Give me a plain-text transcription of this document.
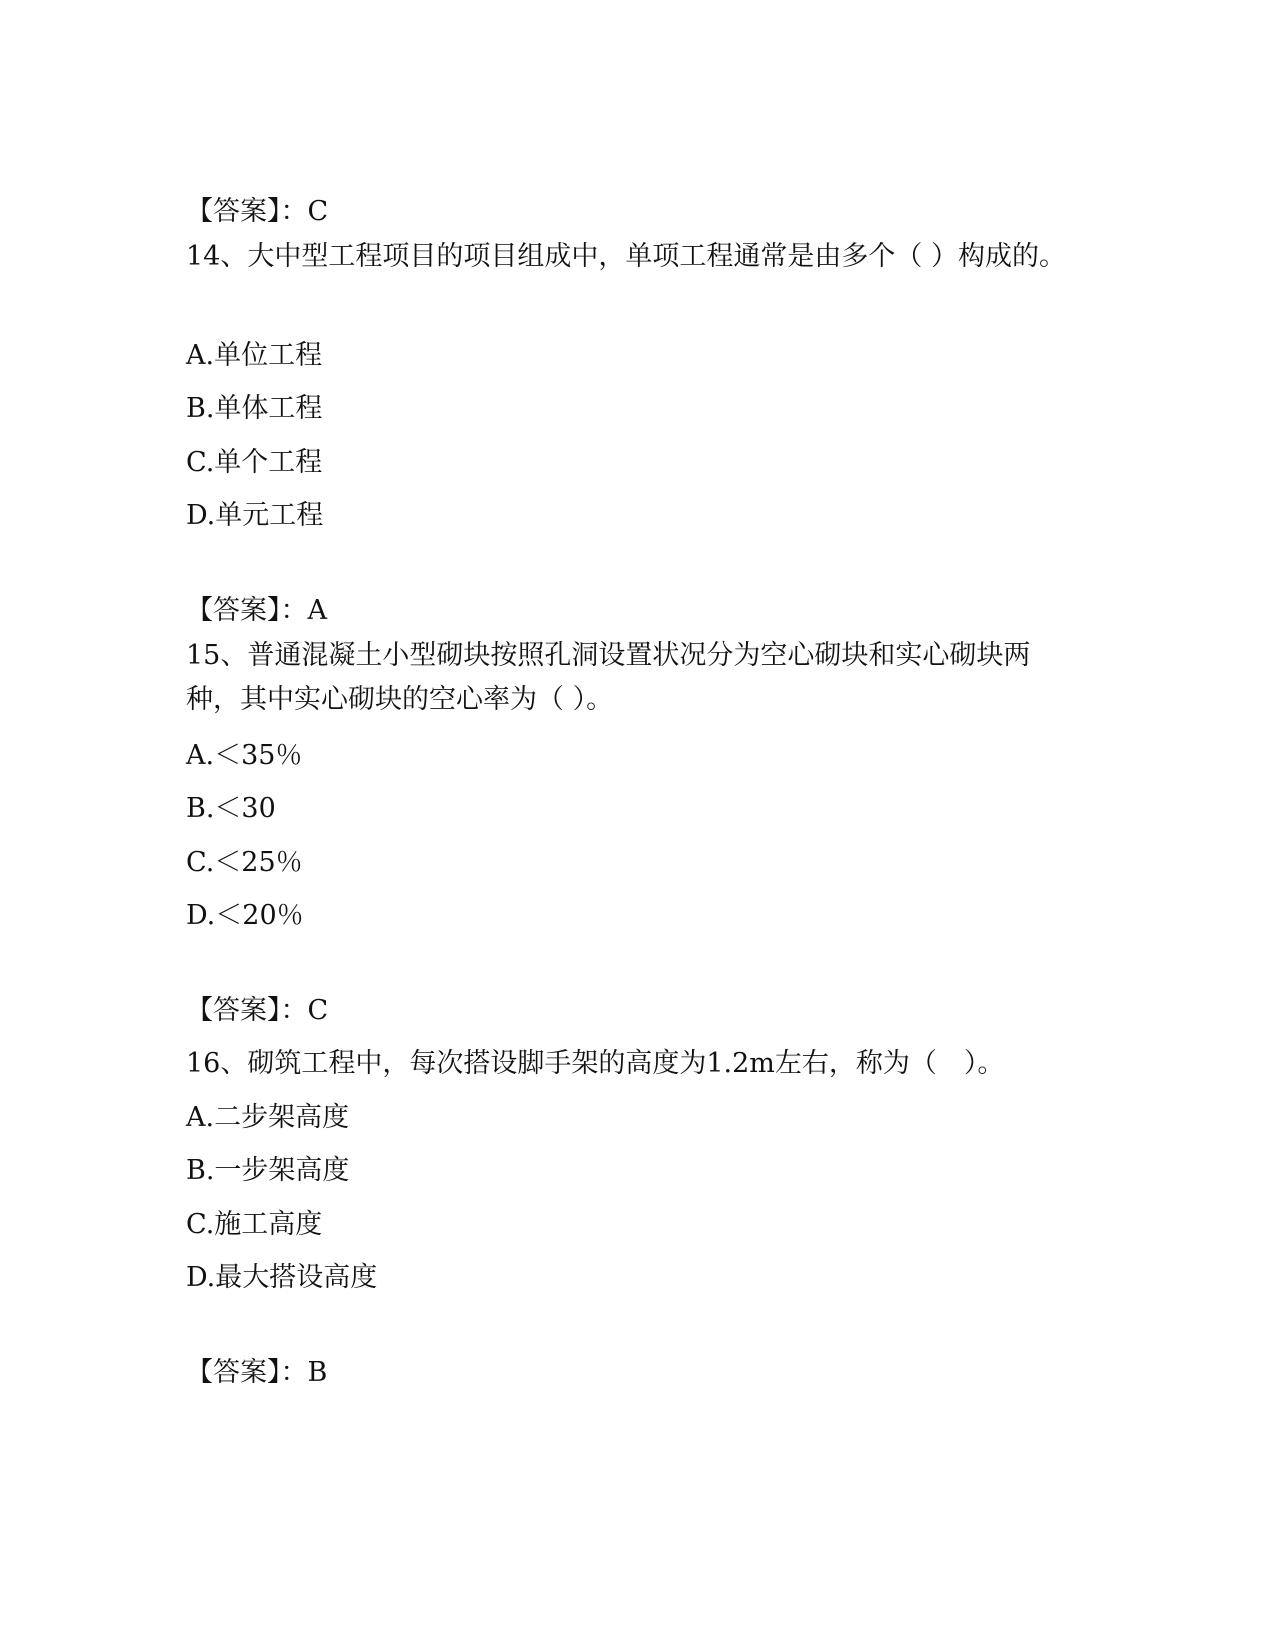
【答案】：C
14、大中型工程项目的项目组成中，单项工程通常是由多个（ ）构成的。
A.单位工程
B.单体工程
C.单个工程
D.单元工程
【答案】：A
15、普通混凝土小型砌块按照孔洞设置状况分为空心砌块和实心砌块两种，其中实心砌块的空心率为（ ）。
A.＜35％
B.＜30
C.＜25％
D.＜20％
【答案】：C
16、砌筑工程中，每次搭设脚手架的高度为1.2m左右，称为（　）。
A.二步架高度
B.一步架高度
C.施工高度
D.最大搭设高度
【答案】：B
